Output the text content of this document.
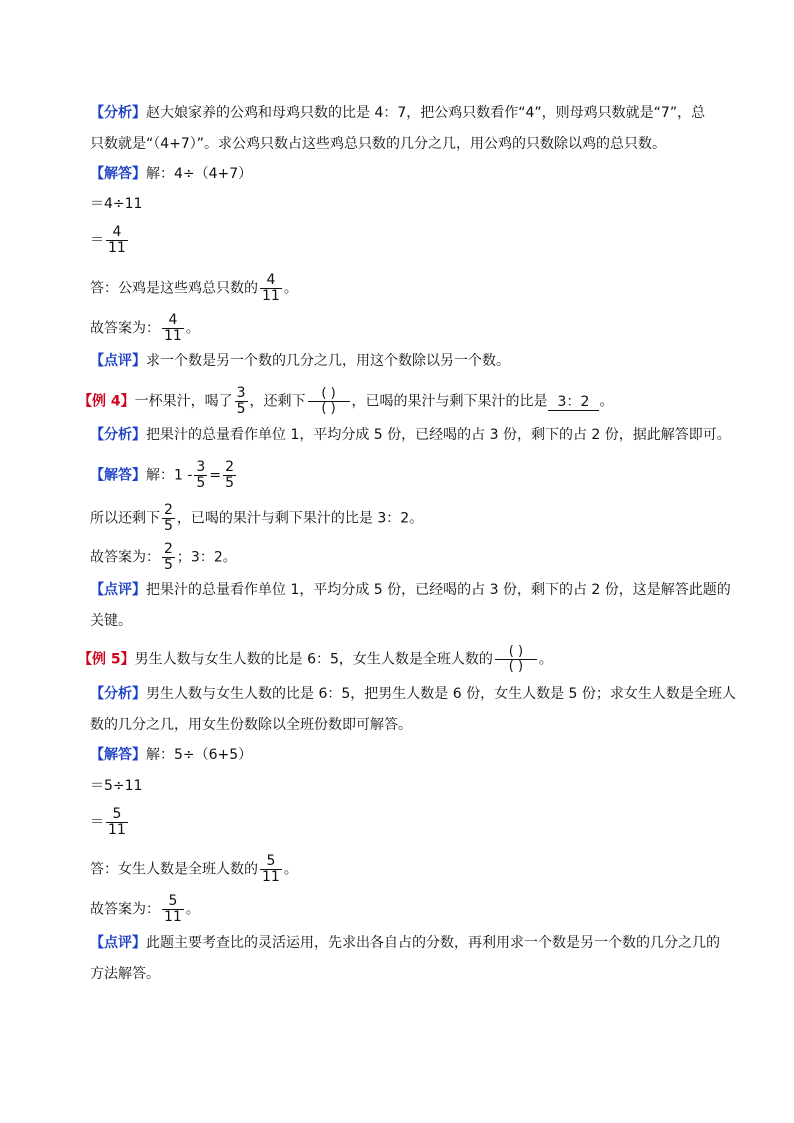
【分析】赵大娘家养的公鸡和母鸡只数的比是 4：7，把公鸡只数看作“4”，则母鸡只数就是“7”，总
只数就是“（4+7）”。求公鸡只数占这些鸡总只数的几分之几，用公鸡的只数除以鸡的总只数。
【解答】解：4÷（4+7）
＝4÷11
＝ $\frac{4}{11}$
答：公鸡是这些鸡总只数的 $\frac{4}{11}$ 。
故答案为： $\frac{4}{11}$ 。
【点评】求一个数是另一个数的几分之几，用这个数除以另一个数。
【例 4】一杯果汁，喝了 $\frac{3}{5}$ ，还剩下	( )
( )	，已喝的果汁与剩下果汁的比是 3：2 。
【分析】把果汁的总量看作单位 1，平均分成 5 份，已经喝的占 3 份，剩下的占 2 份，据此解答即可。
【解答】解：$1 - \frac{3}{5} = \frac{2}{5}$
所以还剩下 $\frac{2}{5}$ ，已喝的果汁与剩下果汁的比是 3：2。
故答案为： $\frac{2}{5}$ ；3：2。
【点评】把果汁的总量看作单位 1，平均分成 5 份，已经喝的占 3 份，剩下的占 2 份，这是解答此题的
关键。
【例 5】男生人数与女生人数的比是 6：5，女生人数是全班人数的	( )
( )	。
【分析】男生人数与女生人数的比是 6：5，把男生人数是 6 份，女生人数是 5 份；求女生人数是全班人
数的几分之几，用女生份数除以全班份数即可解答。
【解答】解：5÷（6+5）
＝5÷11
＝ $\frac{5}{11}$
答：女生人数是全班人数的 $\frac{5}{11}$ 。
故答案为： $\frac{5}{11}$ 。
【点评】此题主要考查比的灵活运用，先求出各自占的分数，再利用求一个数是另一个数的几分之几的
方法解答。
